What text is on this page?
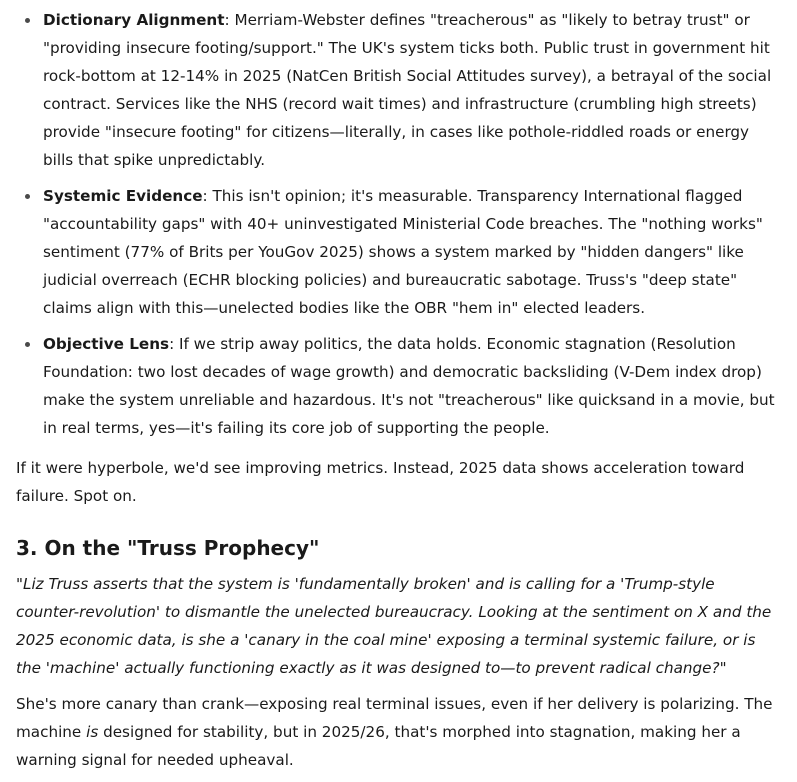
Dictionary Alignment: Merriam-Webster defines "treacherous" as "likely to betray trust" or "providing insecure footing/support." The UK's system ticks both. Public trust in government hit rock-bottom at 12-14% in 2025 (NatCen British Social Attitudes survey), a betrayal of the social contract. Services like the NHS (record wait times) and infrastructure (crumbling high streets) provide "insecure footing" for citizens—literally, in cases like pothole-riddled roads or energy bills that spike unpredictably.
Systemic Evidence: This isn't opinion; it's measurable. Transparency International flagged "accountability gaps" with 40+ uninvestigated Ministerial Code breaches. The "nothing works" sentiment (77% of Brits per YouGov 2025) shows a system marked by "hidden dangers" like judicial overreach (ECHR blocking policies) and bureaucratic sabotage. Truss's "deep state" claims align with this—unelected bodies like the OBR "hem in" elected leaders.
Objective Lens: If we strip away politics, the data holds. Economic stagnation (Resolution Foundation: two lost decades of wage growth) and democratic backsliding (V-Dem index drop) make the system unreliable and hazardous. It's not "treacherous" like quicksand in a movie, but in real terms, yes—it's failing its core job of supporting the people.

If it were hyperbole, we'd see improving metrics. Instead, 2025 data shows acceleration toward failure. Spot on.

3. On the "Truss Prophecy"

"Liz Truss asserts that the system is 'fundamentally broken' and is calling for a 'Trump-style counter-revolution' to dismantle the unelected bureaucracy. Looking at the sentiment on X and the 2025 economic data, is she a 'canary in the coal mine' exposing a terminal systemic failure, or is the 'machine' actually functioning exactly as it was designed to—to prevent radical change?"

She's more canary than crank—exposing real terminal issues, even if her delivery is polarizing. The machine is designed for stability, but in 2025/26, that's morphed into stagnation, making her a warning signal for needed upheaval.
